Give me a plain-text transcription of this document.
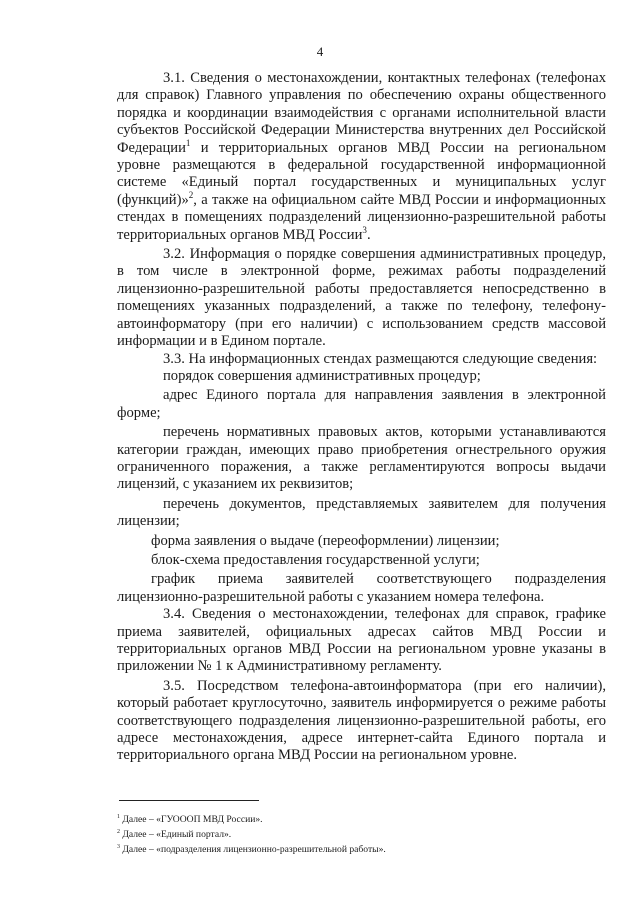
4

3.1. Сведения о местонахождении, контактных телефонах (телефонах для справок) Главного управления по обеспечению охраны общественного порядка и координации взаимодействия с органами исполнительной власти субъектов Российской Федерации Министерства внутренних дел Российской Федерации$^1$ и территориальных органов МВД России на региональном уровне размещаются в федеральной государственной информационной системе «Единый портал государственных и муниципальных услуг (функций)»$^2$, а также на официальном сайте МВД России и информационных стендах в помещениях подразделений лицензионно-разрешительной работы территориальных органов МВД России$^3$.

3.2. Информация о порядке совершения административных процедур, в том числе в электронной форме, режимах работы подразделений лицензионно-разрешительной работы предоставляется непосредственно в помещениях указанных подразделений, а также по телефону, телефону-автоинформатору (при его наличии) с использованием средств массовой информации и в Едином портале.

3.3. На информационных стендах размещаются следующие сведения:

порядок совершения административных процедур;

адрес Единого портала для направления заявления в электронной форме;

перечень нормативных правовых актов, которыми устанавливаются категории граждан, имеющих право приобретения огнестрельного оружия ограниченного поражения, а также регламентируются вопросы выдачи лицензий, с указанием их реквизитов;

перечень документов, представляемых заявителем для получения лицензии;

форма заявления о выдаче (переоформлении) лицензии;

блок-схема предоставления государственной услуги;

график приема заявителей соответствующего подразделения лицензионно-разрешительной работы с указанием номера телефона.

3.4. Сведения о местонахождении, телефонах для справок, графике приема заявителей, официальных адресах сайтов МВД России и территориальных органов МВД России на региональном уровне указаны в приложении № 1 к Административному регламенту.

3.5. Посредством телефона-автоинформатора (при его наличии), который работает круглосуточно, заявитель информируется о режиме работы соответствующего подразделения лицензионно-разрешительной работы, его адресе местонахождения, адресе интернет-сайта Единого портала и территориального органа МВД России на региональном уровне.

$^1$ Далее – «ГУОООП МВД России».
$^2$ Далее – «Единый портал».
$^3$ Далее – «подразделения лицензионно-разрешительной работы».
